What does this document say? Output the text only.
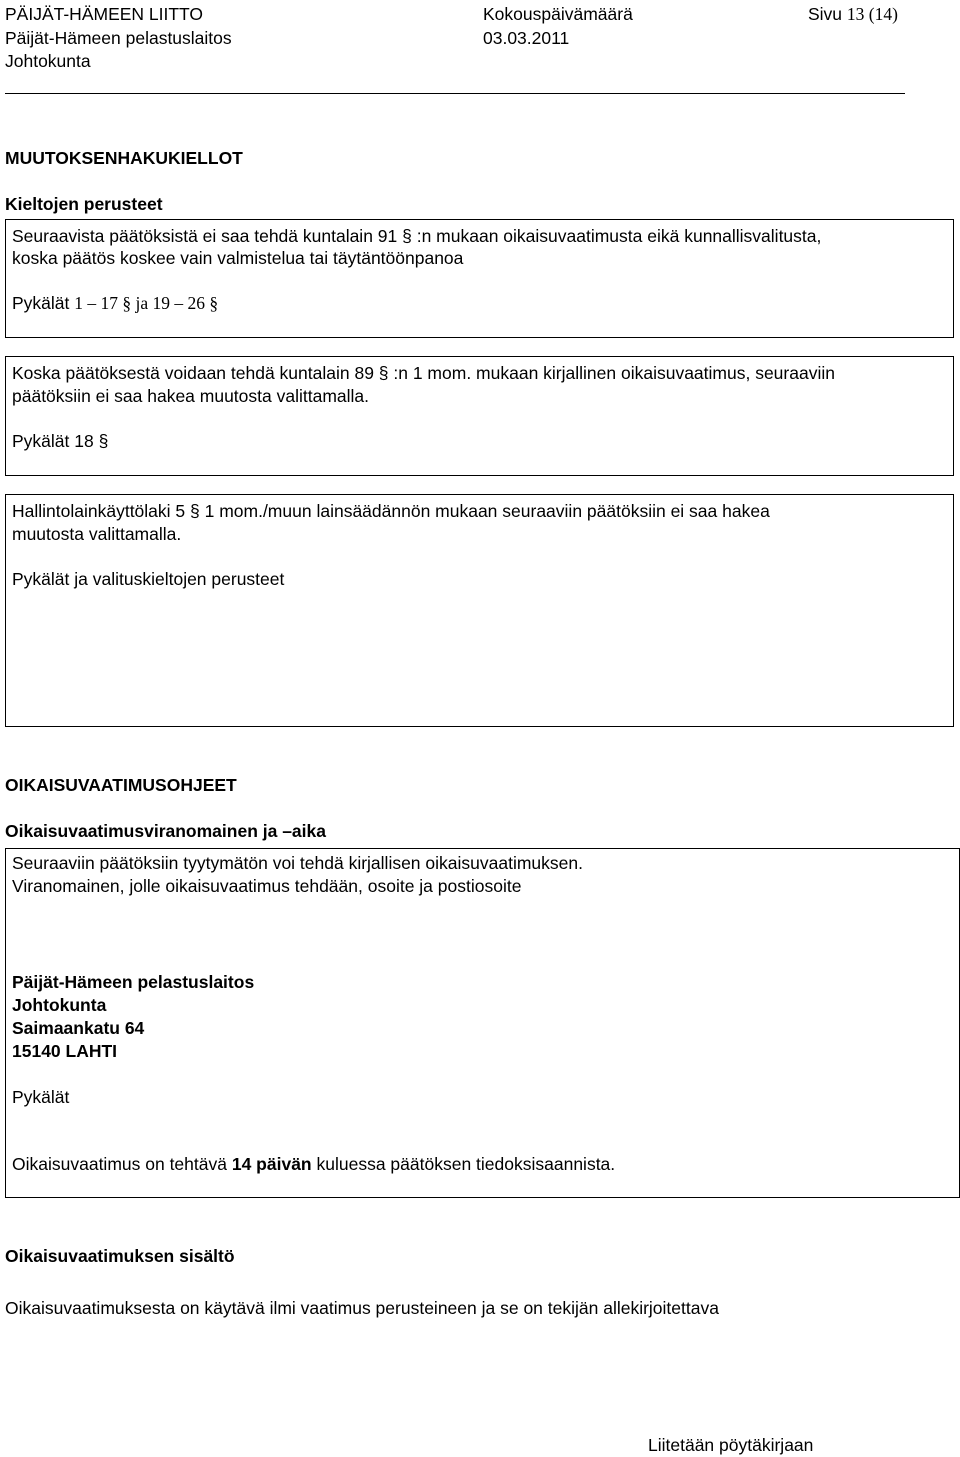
PÄIJÄT-HÄMEEN LIITTO
Päijät-Hämeen pelastuslaitos
Johtokunta
Kokouspäivämäärä
03.03.2011
Sivu 13 (14)
MUUTOKSENHAKUKIELLOT
Kieltojen perusteet
Seuraavista päätöksistä ei saa tehdä kuntalain 91 § :n mukaan oikaisuvaatimusta eikä kunnallisvalitusta,
koska päätös koskee vain valmistelua tai täytäntöönpanoa
Pykälät 1 – 17 § ja 19 – 26 §
Koska päätöksestä voidaan tehdä kuntalain 89 § :n 1 mom. mukaan kirjallinen oikaisuvaatimus, seuraaviin
päätöksiin ei saa hakea muutosta valittamalla.
Pykälät 18 §
Hallintolainkäyttölaki 5 § 1 mom./muun lainsäädännön mukaan seuraaviin päätöksiin ei saa hakea
muutosta valittamalla.
Pykälät ja valituskieltojen perusteet
OIKAISUVAATIMUSOHJEET
Oikaisuvaatimusviranomainen ja –aika
Seuraaviin päätöksiin tyytymätön voi tehdä kirjallisen oikaisuvaatimuksen.
Viranomainen, jolle oikaisuvaatimus tehdään, osoite ja postiosoite
Päijät-Hämeen pelastuslaitos
Johtokunta
Saimaankatu 64
15140 LAHTI
Pykälät
Oikaisuvaatimus on tehtävä 14 päivän kuluessa päätöksen tiedoksisaannista.
Oikaisuvaatimuksen sisältö
Oikaisuvaatimuksesta on käytävä ilmi vaatimus perusteineen ja se on tekijän allekirjoitettava
Liitetään pöytäkirjaan
